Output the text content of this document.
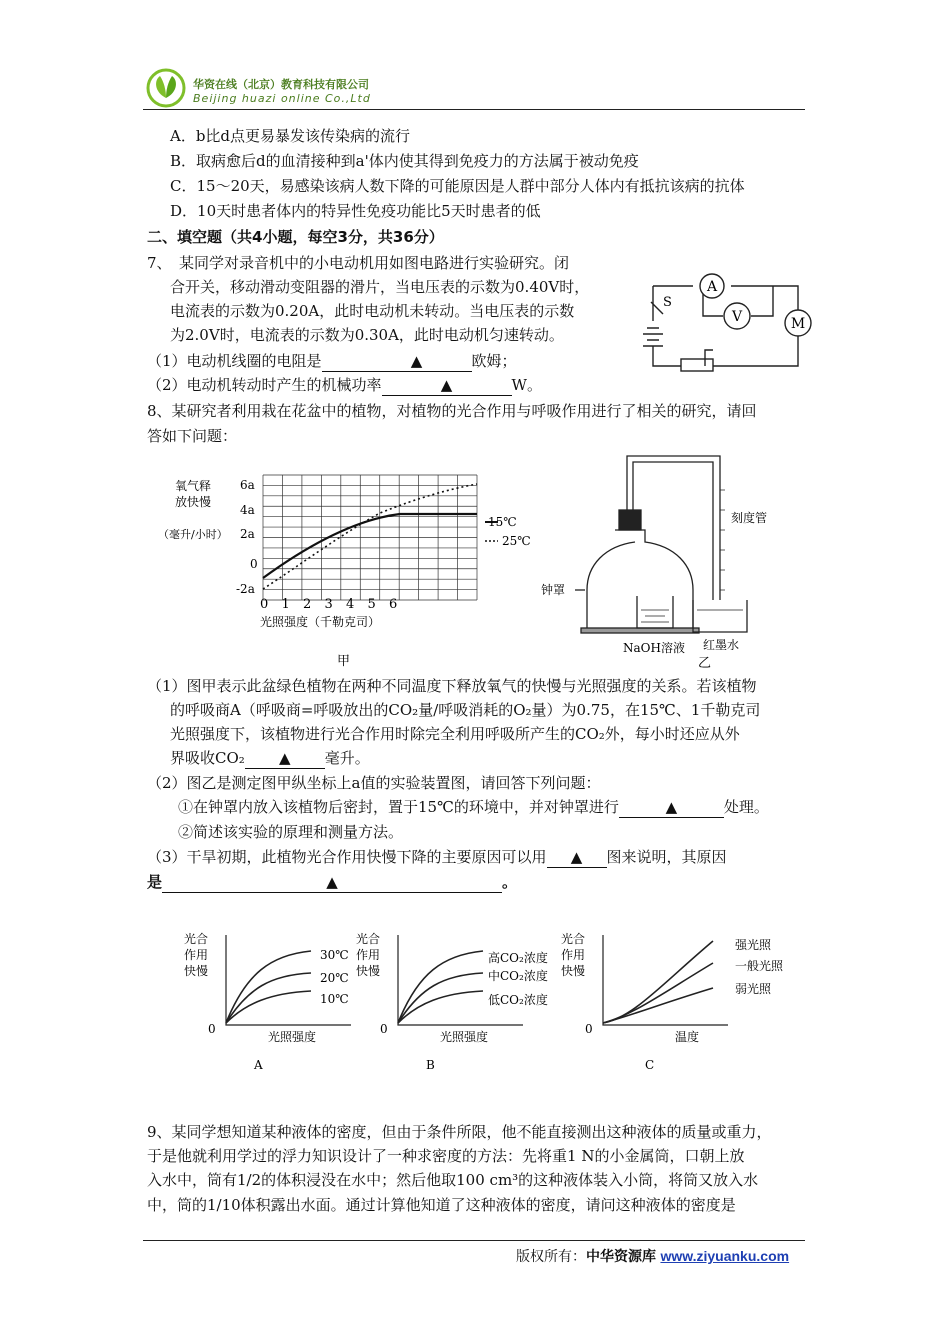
华资在线（北京）教育科技有限公司
Beijing huazi online Co.,Ltd
A．b比d点更易暴发该传染病的流行
B．取病愈后d的血清接种到a'体内使其得到免疫力的方法属于被动免疫
C．15～20天，易感染该病人数下降的可能原因是人群中部分人体内有抵抗该病的抗体
D．10天时患者体内的特异性免疫功能比5天时患者的低
二、填空题（共4小题，每空3分，共36分）
7、　某同学对录音机中的小电动机用如图电路进行实验研究。闭
合开关，移动滑动变阻器的滑片，当电压表的示数为0.40V时，
电流表的示数为0.20A，此时电动机未转动。当电压表的示数
为2.0V时，电流表的示数为0.30A，此时电动机匀速转动。
（1）电动机线圈的电阻是	▲	欧姆；
（2）电动机转动时产生的机械功率	▲	W。
A
V	M
S
8、某研究者利用栽在花盆中的植物，对植物的光合作用与呼吸作用进行了相关的研究，请回
答如下问题：
氧气释
放快慢
（毫升/小时）
6a
4a
2a
0
-2a
0 1 2 3 4 5 6
光照强度（千勒克司）
15℃
25℃
甲
刻度管
钟罩
NaOH溶液 红墨水
乙
（1）图甲表示此盆绿色植物在两种不同温度下释放氧气的快慢与光照强度的关系。若该植物
的呼吸商A（呼吸商=呼吸放出的CO₂量/呼吸消耗的O₂量）为0.75，在15℃、1千勒克司
光照强度下，该植物进行光合作用时除完全利用呼吸所产生的CO₂外，每小时还应从外
界吸收CO₂ ▲ 毫升。
（2）图乙是测定图甲纵坐标上a值的实验装置图，请回答下列问题：
①在钟罩内放入该植物后密封，置于15℃的环境中，并对钟罩进行	▲	处理。
②简述该实验的原理和测量方法。
（3）干旱初期，此植物光合作用快慢下降的主要原因可以用 ▲ 图来说明，其原因
是	▲	。
光合
作用
快慢
0
光照强度
30℃
20℃
10℃
A
光合
作用
快慢
0
光照强度
高CO₂浓度
中CO₂浓度
低CO₂浓度
B
光合
作用
快慢
0
温度
强光照
一般光照
弱光照
C
9、某同学想知道某种液体的密度，但由于条件所限，他不能直接测出这种液体的质量或重力，
于是他就利用学过的浮力知识设计了一种求密度的方法：先将重1 N的小金属筒，口朝上放
入水中，筒有1/2的体积浸没在水中；然后他取100 cm³的这种液体装入小筒，将筒又放入水
中，筒的1/10体积露出水面。通过计算他知道了这种液体的密度，请问这种液体的密度是
版权所有：中华资源库 www.ziyuanku.com
